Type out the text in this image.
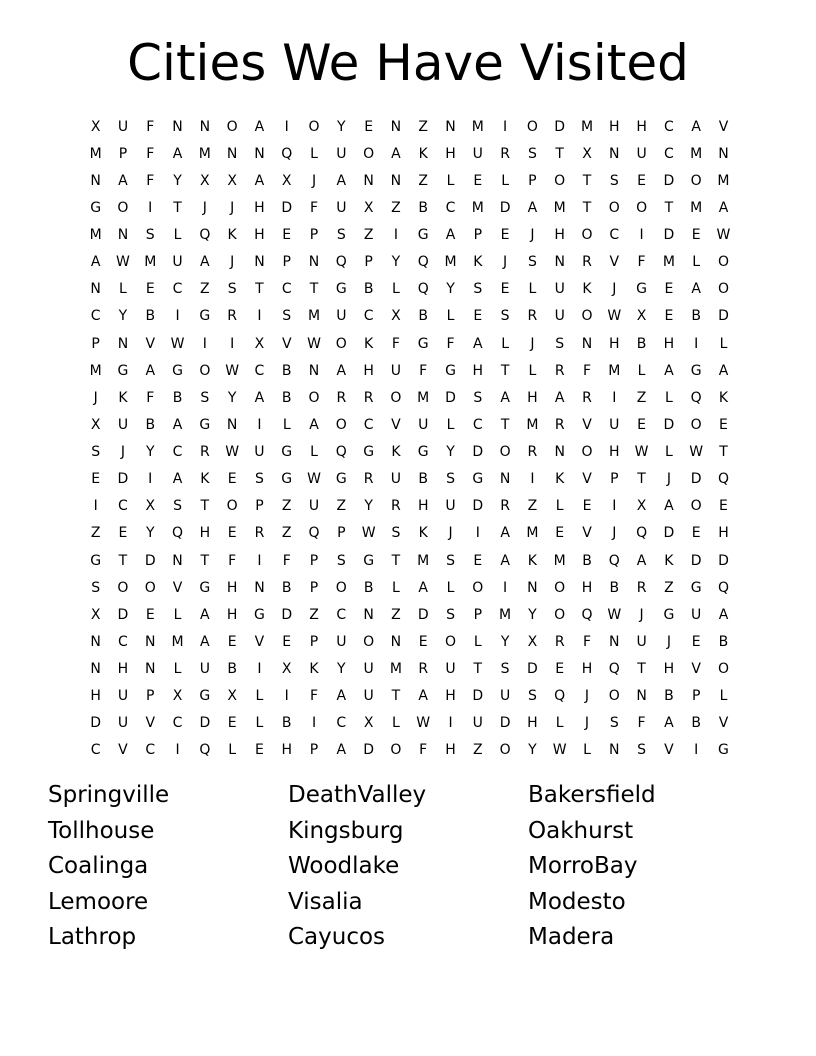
Cities We Have Visited
X	U	F	N	N	O	A	I	O	Y	E	N	Z	N	M	I	O	D	M	H	H	C	A	V
M	P	F	A	M	N	N	Q	L	U	O	A	K	H	U	R	S	T	X	N	U	C	M	N
N	A	F	Y	X	X	A	X	J	A	N	N	Z	L	E	L	P	O	T	S	E	D	O	M
G	O	I	T	J	J	H	D	F	U	X	Z	B	C	M	D	A	M	T	O	O	T	M	A
M	N	S	L	Q	K	H	E	P	S	Z	I	G	A	P	E	J	H	O	C	I	D	E	W
A	W	M	U	A	J	N	P	N	Q	P	Y	Q	M	K	J	S	N	R	V	F	M	L	O
N	L	E	C	Z	S	T	C	T	G	B	L	Q	Y	S	E	L	U	K	J	G	E	A	O
C	Y	B	I	G	R	I	S	M	U	C	X	B	L	E	S	R	U	O	W	X	E	B	D
P	N	V	W	I	I	X	V	W	O	K	F	G	F	A	L	J	S	N	H	B	H	I	L
M	G	A	G	O	W	C	B	N	A	H	U	F	G	H	T	L	R	F	M	L	A	G	A
J	K	F	B	S	Y	A	B	O	R	R	O	M	D	S	A	H	A	R	I	Z	L	Q	K
X	U	B	A	G	N	I	L	A	O	C	V	U	L	C	T	M	R	V	U	E	D	O	E
S	J	Y	C	R	W	U	G	L	Q	G	K	G	Y	D	O	R	N	O	H	W	L	W	T
E	D	I	A	K	E	S	G	W	G	R	U	B	S	G	N	I	K	V	P	T	J	D	Q
I	C	X	S	T	O	P	Z	U	Z	Y	R	H	U	D	R	Z	L	E	I	X	A	O	E
Z	E	Y	Q	H	E	R	Z	Q	P	W	S	K	J	I	A	M	E	V	J	Q	D	E	H
G	T	D	N	T	F	I	F	P	S	G	T	M	S	E	A	K	M	B	Q	A	K	D	D
S	O	O	V	G	H	N	B	P	O	B	L	A	L	O	I	N	O	H	B	R	Z	G	Q
X	D	E	L	A	H	G	D	Z	C	N	Z	D	S	P	M	Y	O	Q	W	J	G	U	A
N	C	N	M	A	E	V	E	P	U	O	N	E	O	L	Y	X	R	F	N	U	J	E	B
N	H	N	L	U	B	I	X	K	Y	U	M	R	U	T	S	D	E	H	Q	T	H	V	O
H	U	P	X	G	X	L	I	F	A	U	T	A	H	D	U	S	Q	J	O	N	B	P	L
D	U	V	C	D	E	L	B	I	C	X	L	W	I	U	D	H	L	J	S	F	A	B	V
C	V	C	I	Q	L	E	H	P	A	D	O	F	H	Z	O	Y	W	L	N	S	V	I	G
Springville
Tollhouse
Coalinga
Lemoore
Lathrop
DeathValley
Kingsburg
Woodlake
Visalia
Cayucos
Bakersfield
Oakhurst
MorroBay
Modesto
Madera
